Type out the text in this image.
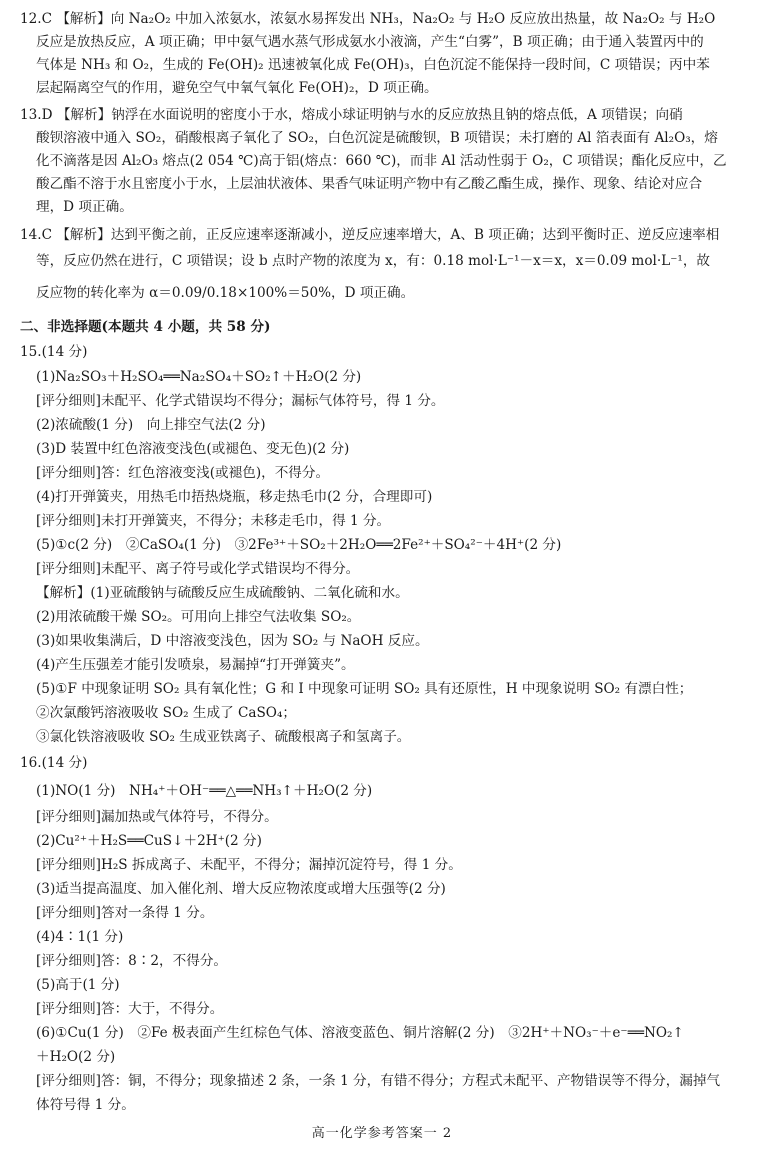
12.C 【解析】向 Na₂O₂ 中加入浓氨水，浓氨水易挥发出 NH₃，Na₂O₂ 与 H₂O 反应放出热量，故 Na₂O₂ 与 H₂O
反应是放热反应，A 项正确；甲中氨气遇水蒸气形成氨水小液滴，产生“白雾”，B 项正确；由于通入装置丙中的
气体是 NH₃ 和 O₂，生成的 Fe(OH)₂ 迅速被氧化成 Fe(OH)₃，白色沉淀不能保持一段时间，C 项错误；丙中苯
层起隔离空气的作用，避免空气中氧气氧化 Fe(OH)₂，D 项正确。
13.D 【解析】钠浮在水面说明的密度小于水，熔成小球证明钠与水的反应放热且钠的熔点低，A 项错误；向硝
酸钡溶液中通入 SO₂，硝酸根离子氧化了 SO₂，白色沉淀是硫酸钡，B 项错误；未打磨的 Al 箔表面有 Al₂O₃，熔
化不滴落是因 Al₂O₃ 熔点(2 054 ℃)高于铝(熔点：660 ℃)，而非 Al 活动性弱于 O₂，C 项错误；酯化反应中，乙
酸乙酯不溶于水且密度小于水，上层油状液体、果香气味证明产物中有乙酸乙酯生成，操作、现象、结论对应合
理，D 项正确。
14.C 【解析】达到平衡之前，正反应速率逐渐减小，逆反应速率增大，A、B 项正确；达到平衡时正、逆反应速率相
等，反应仍然在进行，C 项错误；设 b 点时产物的浓度为 x，有：0.18 mol·L⁻¹－x＝x，x＝0.09 mol·L⁻¹，故
反应物的转化率为 α＝0.09/0.18×100%＝50%，D 项正确。
二、非选择题(本题共 4 小题，共 58 分)
15.(14 分)
(1)Na₂SO₃＋H₂SO₄══Na₂SO₄＋SO₂↑＋H₂O(2 分)
[评分细则]未配平、化学式错误均不得分；漏标气体符号，得 1 分。
(2)浓硫酸(1 分)　向上排空气法(2 分)
(3)D 装置中红色溶液变浅色(或褪色、变无色)(2 分)
[评分细则]答：红色溶液变浅(或褪色)，不得分。
(4)打开弹簧夹，用热毛巾捂热烧瓶，移走热毛巾(2 分，合理即可)
[评分细则]未打开弹簧夹，不得分；未移走毛巾，得 1 分。
(5)①c(2 分)　②CaSO₄(1 分)　③2Fe³⁺＋SO₂＋2H₂O══2Fe²⁺＋SO₄²⁻＋4H⁺(2 分)
[评分细则]未配平、离子符号或化学式错误均不得分。
【解析】(1)亚硫酸钠与硫酸反应生成硫酸钠、二氧化硫和水。
(2)用浓硫酸干燥 SO₂。可用向上排空气法收集 SO₂。
(3)如果收集满后，D 中溶液变浅色，因为 SO₂ 与 NaOH 反应。
(4)产生压强差才能引发喷泉，易漏掉“打开弹簧夹”。
(5)①F 中现象证明 SO₂ 具有氧化性；G 和 I 中现象可证明 SO₂ 具有还原性，H 中现象说明 SO₂ 有漂白性；
②次氯酸钙溶液吸收 SO₂ 生成了 CaSO₄；
③氯化铁溶液吸收 SO₂ 生成亚铁离子、硫酸根离子和氢离子。
16.(14 分)
(1)NO(1 分)　NH₄⁺＋OH⁻══△══NH₃↑＋H₂O(2 分)
[评分细则]漏加热或气体符号，不得分。
(2)Cu²⁺＋H₂S══CuS↓＋2H⁺(2 分)
[评分细则]H₂S 拆成离子、未配平，不得分；漏掉沉淀符号，得 1 分。
(3)适当提高温度、加入催化剂、增大反应物浓度或增大压强等(2 分)
[评分细则]答对一条得 1 分。
(4)4∶1(1 分)
[评分细则]答：8∶2，不得分。
(5)高于(1 分)
[评分细则]答：大于，不得分。
(6)①Cu(1 分)　②Fe 极表面产生红棕色气体、溶液变蓝色、铜片溶解(2 分)　③2H⁺＋NO₃⁻＋e⁻══NO₂↑
＋H₂O(2 分)
[评分细则]答：铜，不得分；现象描述 2 条，一条 1 分，有错不得分；方程式未配平、产物错误等不得分，漏掉气
体符号得 1 分。
高一化学参考答案一 2
